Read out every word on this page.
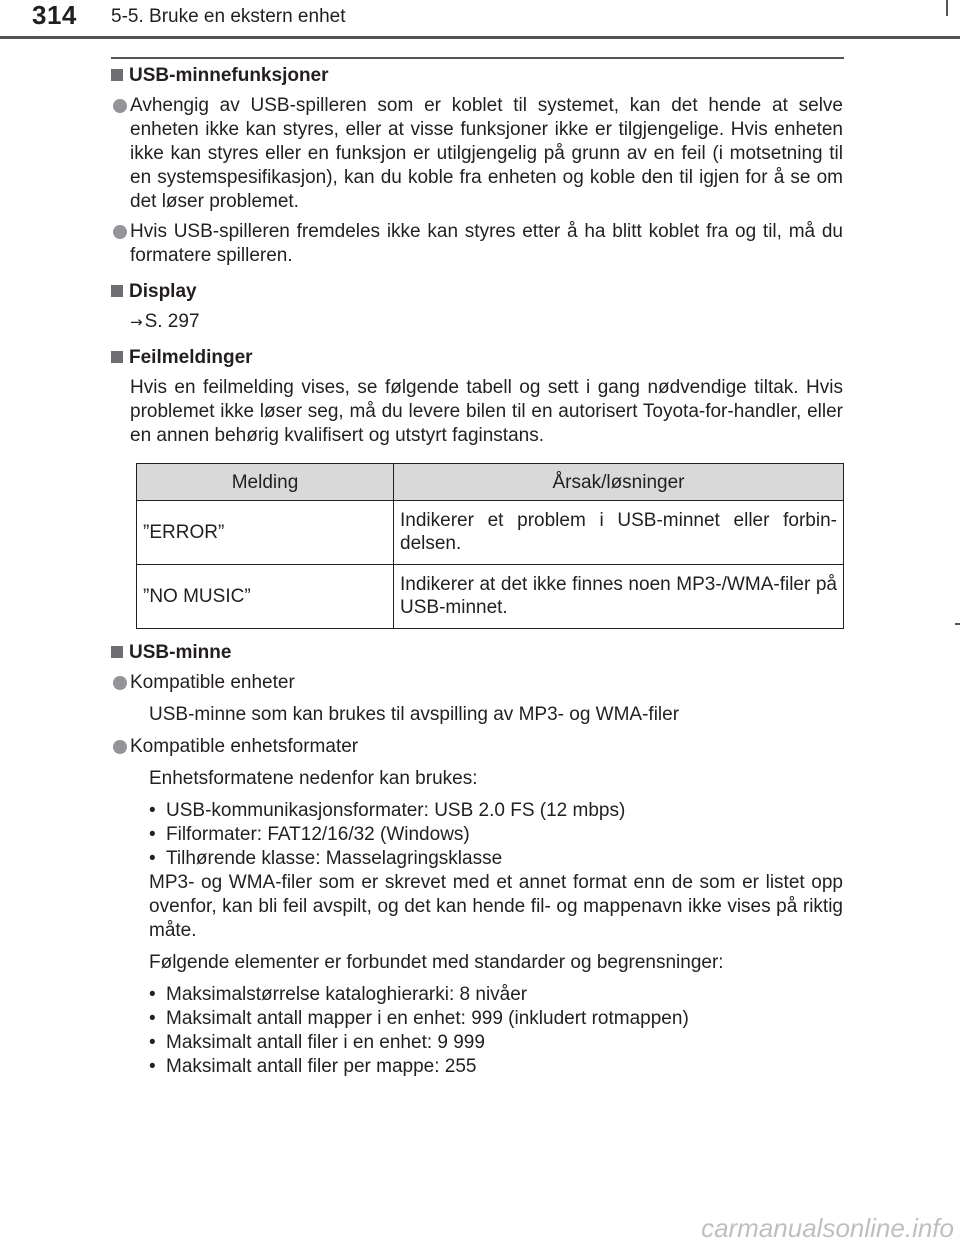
314 5-5. Bruke en ekstern enhet
USB-minnefunksjoner
Avhengig av USB-spilleren som er koblet til systemet, kan det hende at selve enheten ikke kan styres, eller at visse funksjoner ikke er tilgjengelige. Hvis enheten ikke kan styres eller en funksjon er utilgjengelig på grunn av en feil (i motsetning til en systemspesifikasjon), kan du koble fra enheten og koble den til igjen for å se om det løser problemet.
Hvis USB-spilleren fremdeles ikke kan styres etter å ha blitt koblet fra og til, må du formatere spilleren.
Display
→ S. 297
Feilmeldinger
Hvis en feilmelding vises, se følgende tabell og sett i gang nødvendige tiltak. Hvis problemet ikke løser seg, må du levere bilen til en autorisert Toyota-for-handler, eller en annen behørig kvalifisert og utstyrt faginstans.
Melding	Årsak/løsninger
”ERROR”	Indikerer et problem i USB-minnet eller forbin-delsen.
”NO MUSIC”	Indikerer at det ikke finnes noen MP3-/WMA-filer på USB-minnet.
USB-minne
Kompatible enheter
USB-minne som kan brukes til avspilling av MP3- og WMA-filer
Kompatible enhetsformater
Enhetsformatene nedenfor kan brukes:
• USB-kommunikasjonsformater: USB 2.0 FS (12 mbps)
• Filformater: FAT12/16/32 (Windows)
• Tilhørende klasse: Masselagringsklasse
MP3- og WMA-filer som er skrevet med et annet format enn de som er listet opp ovenfor, kan bli feil avspilt, og det kan hende fil- og mappenavn ikke vises på riktig måte.
Følgende elementer er forbundet med standarder og begrensninger:
• Maksimalstørrelse kataloghierarki: 8 nivåer
• Maksimalt antall mapper i en enhet: 999 (inkludert rotmappen)
• Maksimalt antall filer i en enhet: 9 999
• Maksimalt antall filer per mappe: 255
carmanualsonline.info
